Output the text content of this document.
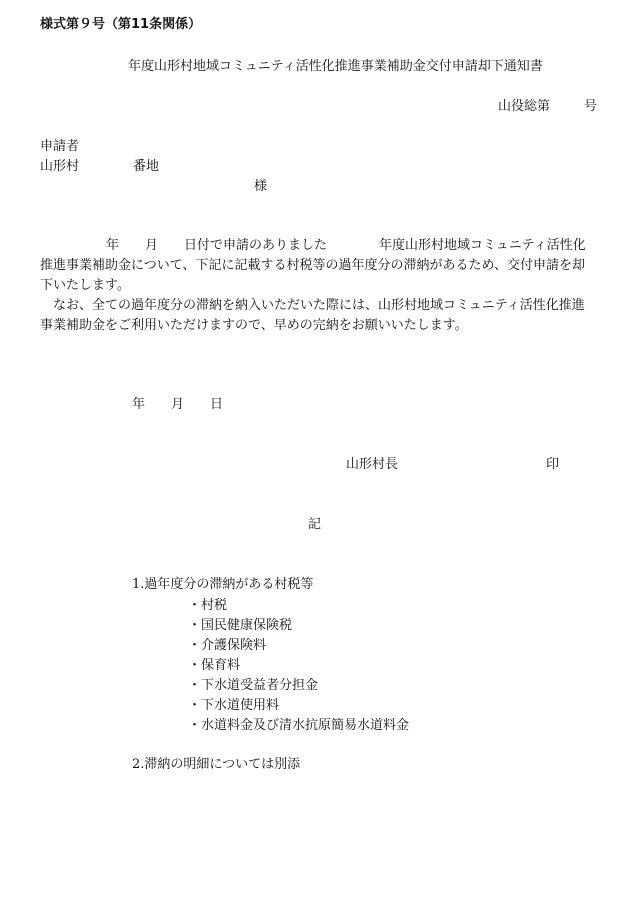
様式第９号（第11条関係）
年度山形村地域コミュニティ活性化推進事業補助金交付申請却下通知書
山役総第	号
申請者
山形村	番地
様

年 月 日付で申請のありました	年度山形村地域コミュニティ活性化推進事業補助金について、下記に記載する村税等の過年度分の滞納があるため、交付申請を却下いたします。

なお、全ての過年度分の滞納を納入いただいた際には、山形村地域コミュニティ活性化推進事業補助金をご利用いただけますので、早めの完納をお願いいたします。

年 月 日
山形村長	印
記
1.過年度分の滞納がある村税等
・村税
・国民健康保険税
・介護保険料
・保育料
・下水道受益者分担金
・下水道使用料
・水道料金及び清水抗原簡易水道料金
2.滞納の明細については別添
